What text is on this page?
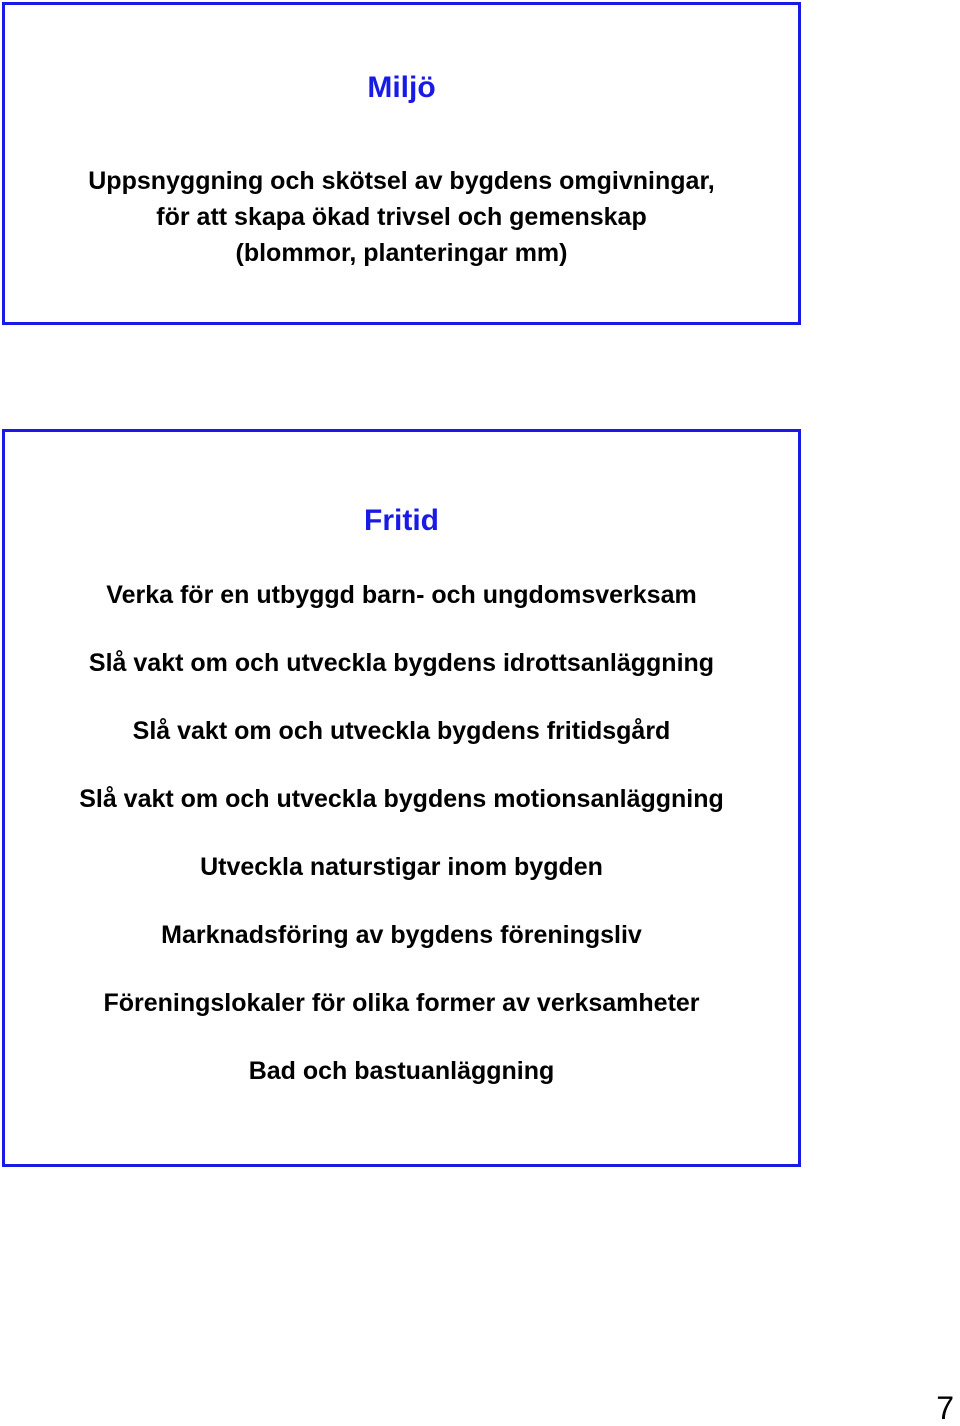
Miljö

Uppsnyggning och skötsel av bygdens omgivningar,
för att skapa ökad trivsel och gemenskap
(blommor, planteringar mm)

Fritid
Verka för en utbyggd barn- och ungdomsverksam
Slå vakt om och utveckla bygdens idrottsanläggning
Slå vakt om och utveckla bygdens fritidsgård
Slå vakt om och utveckla bygdens motionsanläggning
Utveckla naturstigar inom bygden
Marknadsföring av bygdens föreningsliv
Föreningslokaler för olika former av verksamheter
Bad och bastuanläggning
7
